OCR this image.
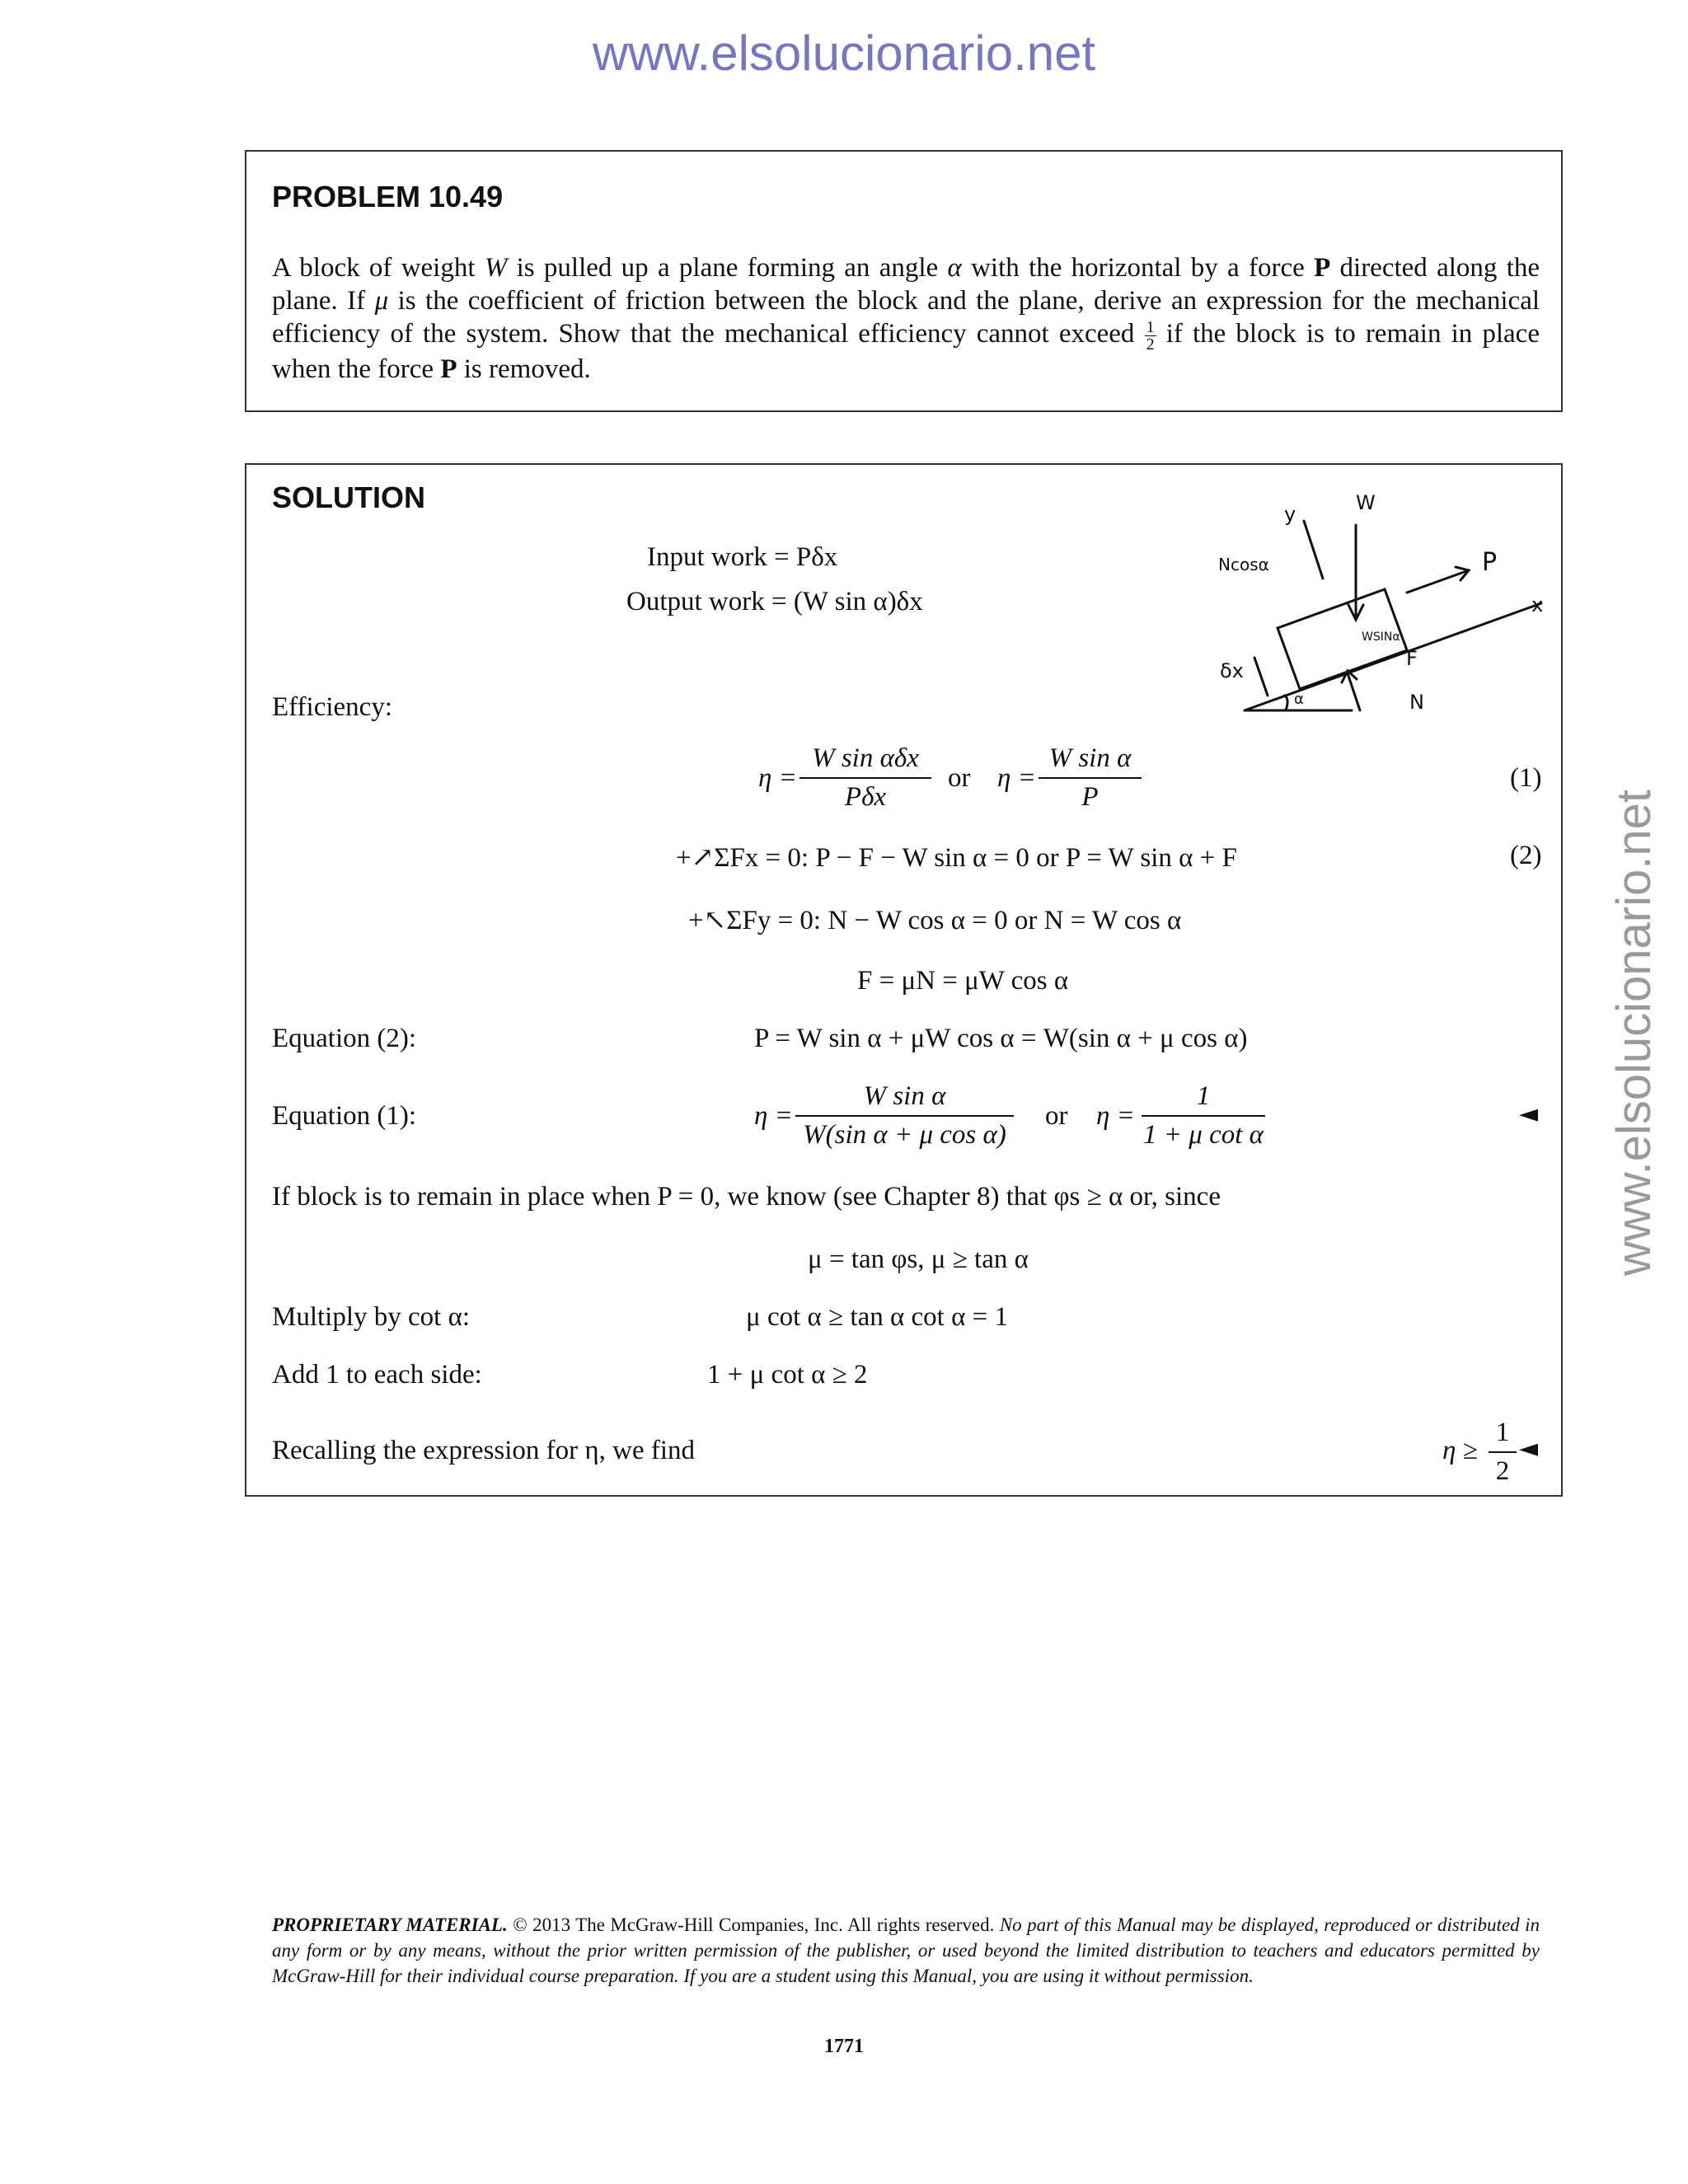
www.elsolucionario.net
www.elsolucionario.net
PROBLEM 10.49
A block of weight W is pulled up a plane forming an angle α with the horizontal by a force P directed along the plane. If μ is the coefficient of friction between the block and the plane, derive an expression for the mechanical efficiency of the system. Show that the mechanical efficiency cannot exceed $\frac{1}{2}$ if the block is to remain in place when the force P is removed.
SOLUTION
Input work = Pδx
Output work = (W sin α)δx
y	W
P
x
Ncosα
WSINα
δx
F
N
α
Efficiency:
η =
W sin αδx
Pδx
or $\eta = \frac{\text{W sin α}}{P}$	(1)
+↗ΣFx = 0: P − F − W sin α = 0 or P = W sin α + F	(2)
+↖ΣFy = 0: N − W cos α = 0 or N = W cos α
F = μN = μW cos α
Equation (2):	P = W sin α + μW cos α = W(sin α + μ cos α)
Equation (1):	$\eta = \frac{\text{W sin α}}{\text{W(sin α + μ cos α)}}$ or $\eta = \frac{1}{\text{1 + μ cot α}}$	◄
If block is to remain in place when P = 0, we know (see Chapter 8) that φs ≥ α or, since
μ = tan φs, μ ≥ tan α
Multiply by cot α:	μ cot α ≥ tan α cot α = 1
Add 1 to each side:	1 + μ cot α ≥ 2
Recalling the expression for η, we find	$\eta \ge \frac{1}{2}$ ◄
PROPRIETARY MATERIAL. © 2013 The McGraw-Hill Companies, Inc. All rights reserved. No part of this Manual may be displayed, reproduced or distributed in any form or by any means, without the prior written permission of the publisher, or used beyond the limited distribution to teachers and educators permitted by McGraw-Hill for their individual course preparation. If you are a student using this Manual, you are using it without permission.
1771
